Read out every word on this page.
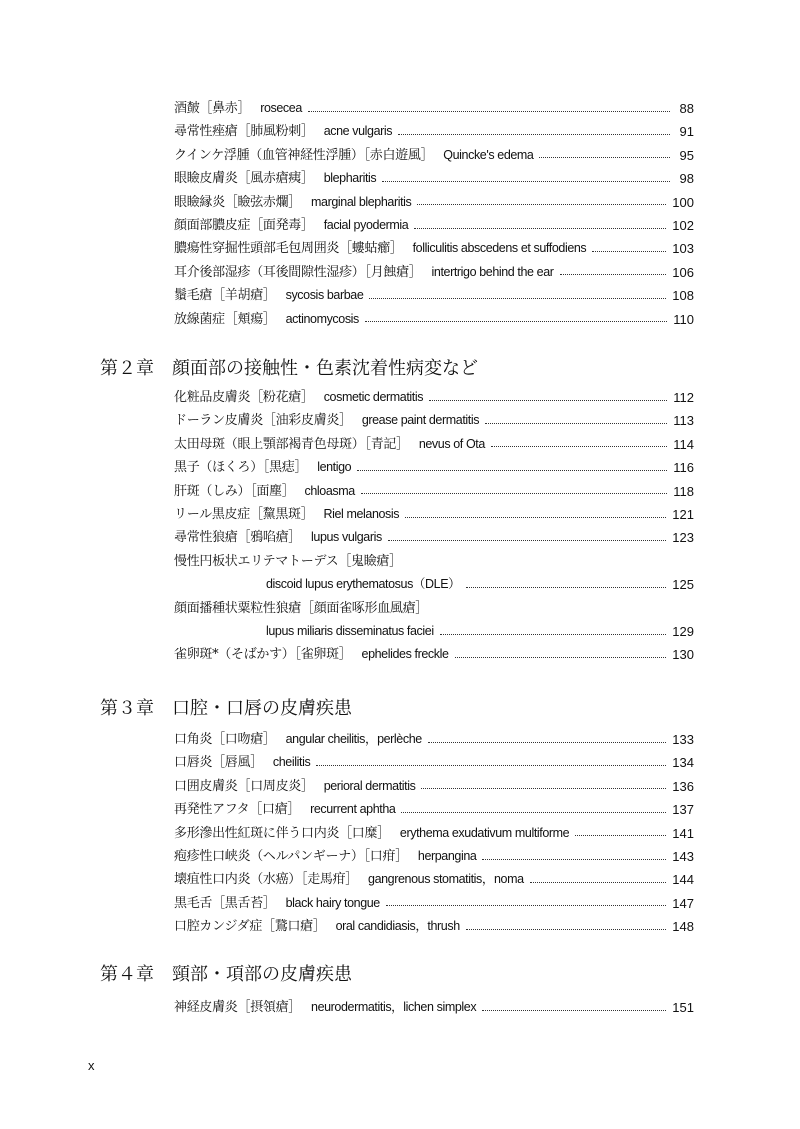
酒皶［鼻赤］ rosecea	88
尋常性痤瘡［肺風粉刺］ acne vulgaris	91
クインケ浮腫（血管神経性浮腫）［赤白遊風］ Quincke's edema	95
眼瞼皮膚炎［風赤瘡痍］ blepharitis	98
眼瞼縁炎［瞼弦赤爛］ marginal blepharitis	100
顔面部膿皮症［面発毒］ facial pyodermia	102
膿瘍性穿掘性頭部毛包周囲炎［螻蛄癤］ folliculitis abscedens et suffodiens	103
耳介後部湿疹（耳後間隙性湿疹）［月蝕瘡］ intertrigo behind the ear	106
鬚毛瘡［羊胡瘡］ sycosis barbae	108
放線菌症［頬瘍］ actinomycosis	110
第２章 顔面部の接触性・色素沈着性病変など
化粧品皮膚炎［粉花瘡］ cosmetic dermatitis	112
ドーラン皮膚炎［油彩皮膚炎］ grease paint dermatitis	113
太田母斑（眼上顎部褐青色母斑）［青記］ nevus of Ota	114
黒子（ほくろ）［黒痣］ lentigo	116
肝斑（しみ）［面塵］ chloasma	118
リール黒皮症［黧黒斑］ Riel melanosis	121
尋常性狼瘡［鴉啗瘡］ lupus vulgaris	123
慢性円板状エリテマトーデス［鬼瞼瘡］
discoid lupus erythematosus（DLE）	125
顔面播種状粟粒性狼瘡［顔面雀啄形血風瘡］
lupus miliaris disseminatus faciei	129
雀卵斑*（そばかす）［雀卵斑］ ephelides freckle	130
第３章 口腔・口唇の皮膚疾患
口角炎［口吻瘡］ angular cheilitis，perlèche	133
口唇炎［唇風］ cheilitis	134
口囲皮膚炎［口周皮炎］ perioral dermatitis	136
再発性アフタ［口瘡］ recurrent aphtha	137
多形滲出性紅斑に伴う口内炎［口糜］ erythema exudativum multiforme	141
疱疹性口峡炎（ヘルパンギーナ）［口疳］ herpangina	143
壊疽性口内炎（水癌）［走馬疳］ gangrenous stomatitis，noma	144
黒毛舌［黒舌苔］ black hairy tongue	147
口腔カンジダ症［鵞口瘡］ oral candidiasis，thrush	148
第４章 頸部・項部の皮膚疾患
神経皮膚炎［摂領瘡］ neurodermatitis，lichen simplex	151
x
